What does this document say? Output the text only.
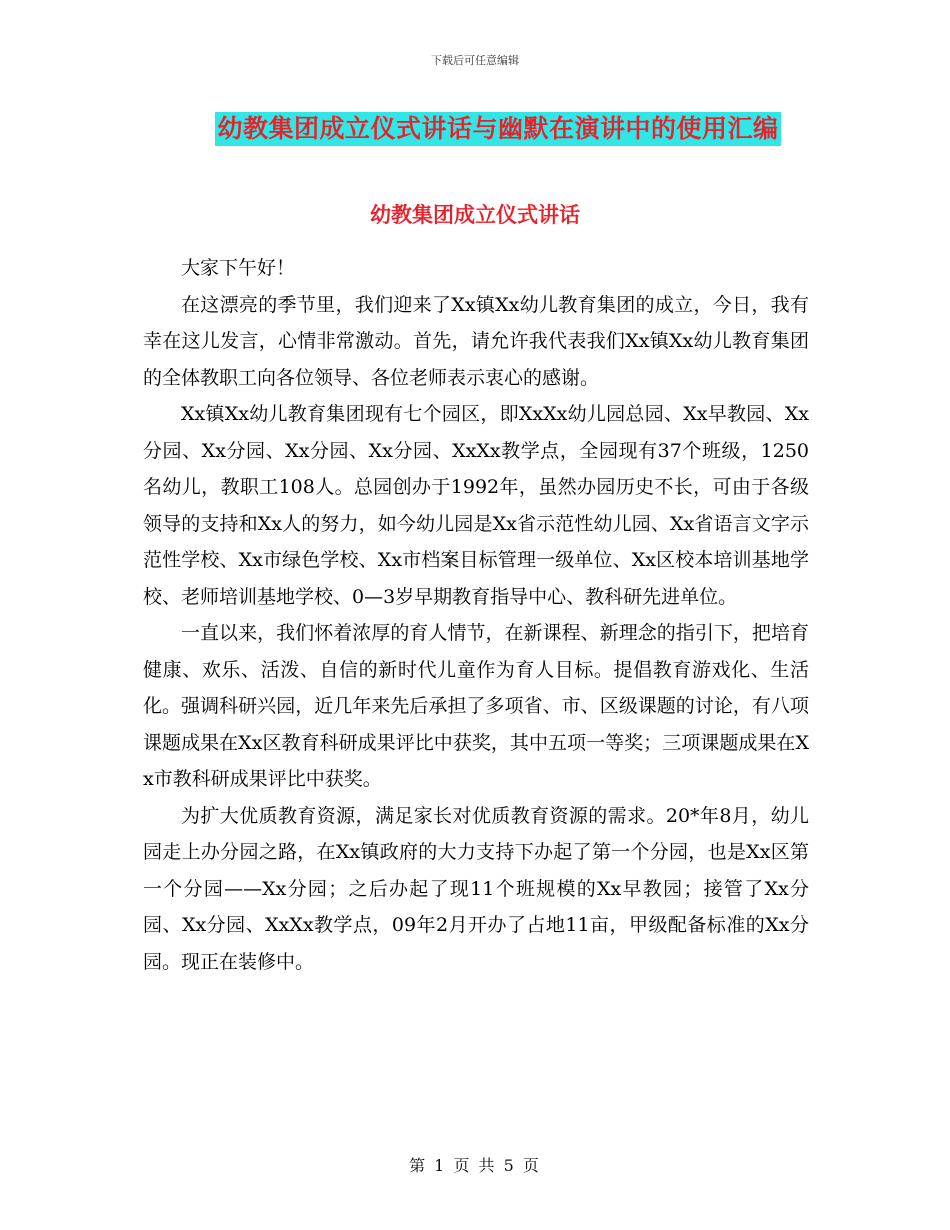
下载后可任意编辑
幼教集团成立仪式讲话与幽默在演讲中的使用汇编
幼教集团成立仪式讲话

大家下午好！

在这漂亮的季节里，我们迎来了Xx镇Xx幼儿教育集团的成立，今日，我有幸在这儿发言，心情非常激动。首先，请允许我代表我们Xx镇Xx幼儿教育集团的全体教职工向各位领导、各位老师表示衷心的感谢。

Xx镇Xx幼儿教育集团现有七个园区，即XxXx幼儿园总园、Xx早教园、Xx分园、Xx分园、Xx分园、Xx分园、XxXx教学点，全园现有37个班级，1250名幼儿，教职工108人。总园创办于1992年，虽然办园历史不长，可由于各级领导的支持和Xx人的努力，如今幼儿园是Xx省示范性幼儿园、Xx省语言文字示范性学校、Xx市绿色学校、Xx市档案目标管理一级单位、Xx区校本培训基地学校、老师培训基地学校、0—3岁早期教育指导中心、教科研先进单位。

一直以来，我们怀着浓厚的育人情节，在新课程、新理念的指引下，把培育健康、欢乐、活泼、自信的新时代儿童作为育人目标。提倡教育游戏化、生活化。强调科研兴园，近几年来先后承担了多项省、市、区级课题的讨论，有八项课题成果在Xx区教育科研成果评比中获奖，其中五项一等奖；三项课题成果在Xx市教科研成果评比中获奖。

为扩大优质教育资源，满足家长对优质教育资源的需求。20*年8月，幼儿园走上办分园之路，在Xx镇政府的大力支持下办起了第一个分园，也是Xx区第一个分园——Xx分园；之后办起了现11个班规模的Xx早教园；接管了Xx分园、Xx分园、XxXx教学点，09年2月开办了占地11亩，甲级配备标准的Xx分园。现正在装修中。

第 1 页 共 5 页
